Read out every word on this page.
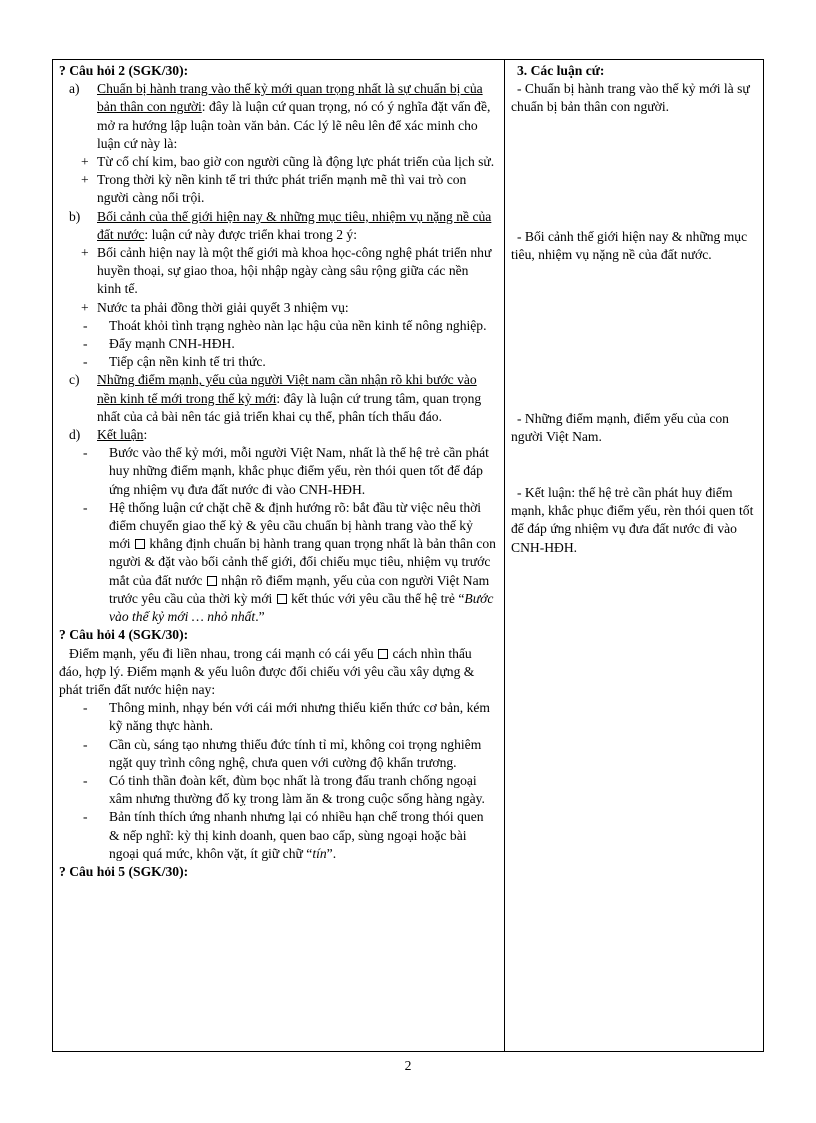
? Câu hỏi 2 (SGK/30):
a)	Chuẩn bị hành trang vào thế kỷ mới quan trọng nhất là sự chuẩn bị của bản thân con người: đây là luận cứ quan trọng, nó có ý nghĩa đặt vấn đề, mở ra hướng lập luận toàn văn bản. Các lý lẽ nêu lên để xác minh cho luận cứ này là:
+ Từ cổ chí kim, bao giờ con người cũng là động lực phát triển của lịch sử.
+ Trong thời kỳ nền kinh tế tri thức phát triển mạnh mẽ thì vai trò con người càng nổi trội.
b)	Bối cảnh của thế giới hiện nay & những mục tiêu, nhiệm vụ nặng nề của đất nước: luận cứ này được triển khai trong 2 ý:
+ Bối cảnh hiện nay là một thế giới mà khoa học-công nghệ phát triển như huyền thoại, sự giao thoa, hội nhập ngày càng sâu rộng giữa các nền kinh tế.
+ Nước ta phải đồng thời giải quyết 3 nhiệm vụ:
-	Thoát khỏi tình trạng nghèo nàn lạc hậu của nền kinh tế nông nghiệp.
-	Đẩy mạnh CNH-HĐH.
-	Tiếp cận nền kinh tế tri thức.
c)	Những điểm mạnh, yếu của người Việt nam cần nhận rõ khi bước vào nền kinh tế mới trong thế kỷ mới: đây là luận cứ trung tâm, quan trọng nhất của cả bài nên tác giả triển khai cụ thể, phân tích thấu đáo.
d)	Kết luận:
-	Bước vào thế kỷ mới, mỗi người Việt Nam, nhất là thế hệ trẻ cần phát huy những điểm mạnh, khắc phục điểm yếu, rèn thói quen tốt để đáp ứng nhiệm vụ đưa đất nước đi vào CNH-HĐH.
-	Hệ thống luận cứ chặt chẽ & định hướng rõ: bắt đầu từ việc nêu thời điểm chuyển giao thế kỷ & yêu cầu chuẩn bị hành trang vào thế kỷ mới khẳng định chuẩn bị hành trang quan trọng nhất là bản thân con người & đặt vào bối cảnh thế giới, đối chiếu mục tiêu, nhiệm vụ trước mắt của đất nước nhận rõ điểm mạnh, yếu của con người Việt Nam trước yêu cầu của thời kỳ mới kết thúc với yêu cầu thế hệ trẻ “Bước vào thế kỷ mới … nhỏ nhất.”
? Câu hỏi 4 (SGK/30):
Điểm mạnh, yếu đi liền nhau, trong cái mạnh có cái yếu cách nhìn thấu đáo, hợp lý. Điểm mạnh & yếu luôn được đối chiếu với yêu cầu xây dựng & phát triển đất nước hiện nay:
-	Thông minh, nhạy bén với cái mới nhưng thiếu kiến thức cơ bản, kém kỹ năng thực hành.
-	Cần cù, sáng tạo nhưng thiếu đức tính tỉ mỉ, không coi trọng nghiêm ngặt quy trình công nghệ, chưa quen với cường độ khẩn trương.
-	Có tinh thần đoàn kết, đùm bọc nhất là trong đấu tranh chống ngoại xâm nhưng thường đố kỵ trong làm ăn & trong cuộc sống hàng ngày.
-	Bản tính thích ứng nhanh nhưng lại có nhiều hạn chế trong thói quen & nếp nghĩ: kỳ thị kinh doanh, quen bao cấp, sùng ngoại hoặc bài ngoại quá mức, khôn vặt, ít giữ chữ “tín”.
? Câu hỏi 5 (SGK/30):
3. Các luận cứ:
- Chuẩn bị hành trang vào thế kỷ mới là sự chuẩn bị bản thân con người.
- Bối cảnh thế giới hiện nay & những mục tiêu, nhiệm vụ nặng nề của đất nước.
- Những điểm mạnh, điểm yếu của con người Việt Nam.
- Kết luận: thế hệ trẻ cần phát huy điểm mạnh, khắc phục điểm yếu, rèn thói quen tốt để đáp ứng nhiệm vụ đưa đất nước đi vào CNH-HĐH.
2
